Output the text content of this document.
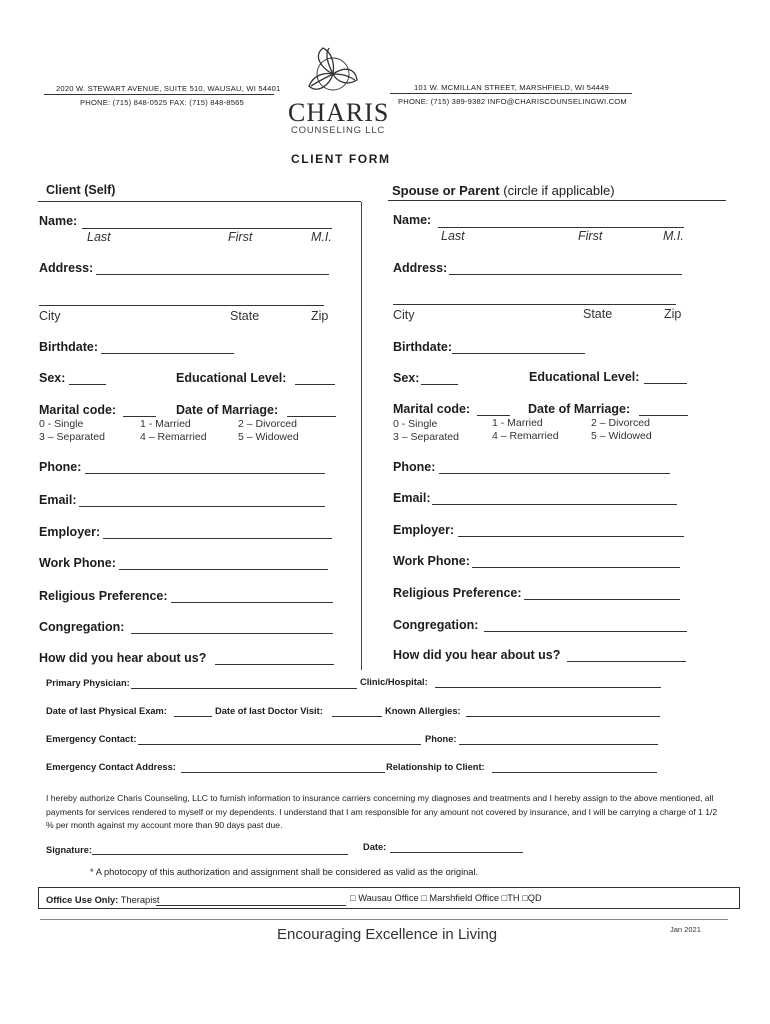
2020 W. STEWART AVENUE, SUITE 510, WAUSAU, WI 54401
PHONE: (715) 848-0525 FAX: (715) 848-8565
101 W. MCMILLAN STREET, MARSHFIELD, WI 54449
PHONE: (715) 389-9382 INFO@CHARISCOUNSELINGWI.COM
CHARIS
COUNSELING LLC
CLIENT FORM
Client (Self)	Spouse or Parent (circle if applicable)
Name:
Last	First	M.I.
Address:
City	State	Zip
Birthdate:
Sex:	Educational Level:
Marital code:	Date of Marriage:
0 - Single	1 - Married	2 – Divorced
3 – Separated	4 – Remarried	5 – Widowed
Phone:
Email:
Employer:
Work Phone:
Religious Preference:
Congregation:
How did you hear about us?
Name:
Last	First	M.I.
Address:
City	State	Zip
Birthdate:
Sex:	Educational Level:
Marital code:	Date of Marriage:
0 - Single	1 - Married	2 – Divorced
3 – Separated	4 – Remarried	5 – Widowed
Phone:
Email:
Employer:
Work Phone:
Religious Preference:
Congregation:
How did you hear about us?
Primary Physician:	Clinic/Hospital:
Date of last Physical Exam:	Date of last Doctor Visit:	Known Allergies:
Emergency Contact:	Phone:
Emergency Contact Address:	Relationship to Client:
I hereby authorize Charis Counseling, LLC to furnish information to insurance carriers concerning my diagnoses and treatments and I hereby assign to the above mentioned, all payments for services rendered to myself or my dependents. I understand that I am responsible for any amount not covered by insurance, and I will be carrying a charge of 1 1/2 % per month against my account more than 90 days past due.
Signature:	Date:
* A photocopy of this authorization and assignment shall be considered as valid as the original.
Office Use Only: Therapist	□ Wausau Office □ Marshfield Office □TH □QD
Encouraging Excellence in Living	Jan 2021
